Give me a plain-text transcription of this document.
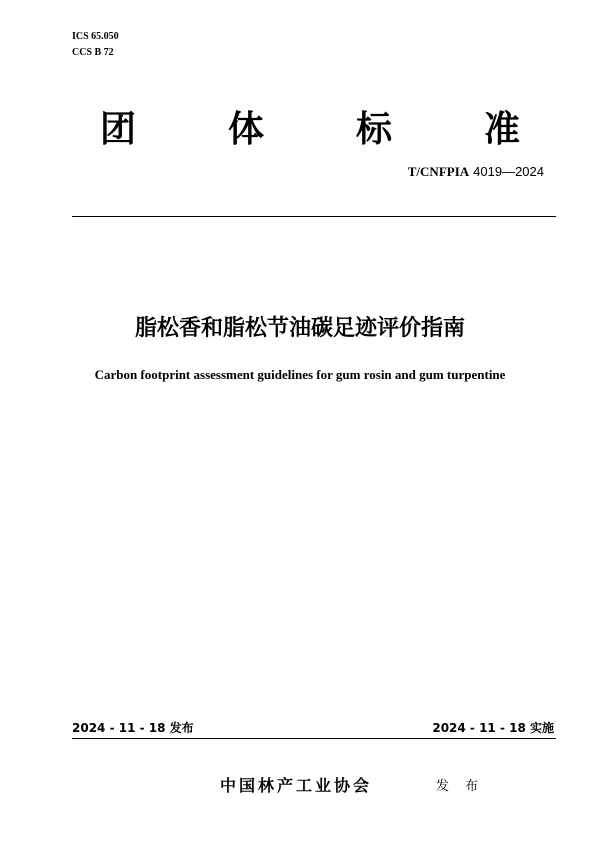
ICS 65.050
CCS B 72
团	体	标	准
T/CNFPIA 4019—2024
脂松香和脂松节油碳足迹评价指南
Carbon footprint assessment guidelines for gum rosin and gum turpentine
2024 - 11 - 18 发布	2024 - 11 - 18 实施
中国林产工业协会	发 布
